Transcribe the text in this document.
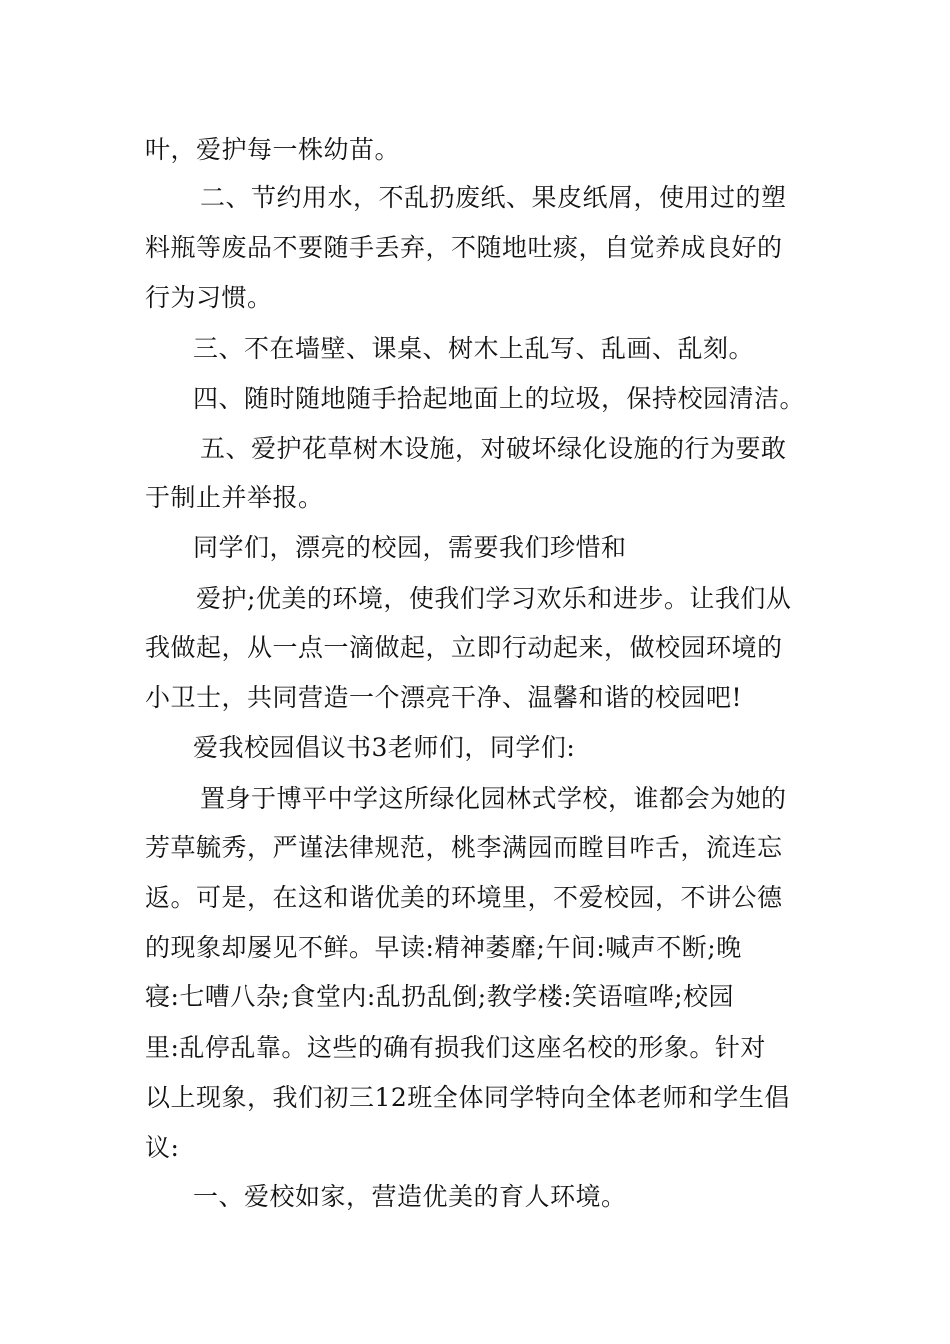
叶，爱护每一株幼苗。
二、节约用水，不乱扔废纸、果皮纸屑，使用过的塑
料瓶等废品不要随手丢弃，不随地吐痰，自觉养成良好的
行为习惯。
三、不在墙壁、课桌、树木上乱写、乱画、乱刻。
四、随时随地随手拾起地面上的垃圾，保持校园清洁。
五、爱护花草树木设施，对破坏绿化设施的行为要敢
于制止并举报。
同学们，漂亮的校园，需要我们珍惜和
爱护;优美的环境，使我们学习欢乐和进步。让我们从
我做起，从一点一滴做起，立即行动起来，做校园环境的
小卫士，共同营造一个漂亮干净、温馨和谐的校园吧!
爱我校园倡议书3老师们，同学们:
置身于博平中学这所绿化园林式学校，谁都会为她的
芳草毓秀，严谨法律规范，桃李满园而瞠目咋舌，流连忘
返。可是，在这和谐优美的环境里，不爱校园，不讲公德
的现象却屡见不鲜。早读:精神萎靡;午间:喊声不断;晚
寝:七嘈八杂;食堂内:乱扔乱倒;教学楼:笑语喧哗;校园
里:乱停乱靠。这些的确有损我们这座名校的形象。针对
以上现象，我们初三12班全体同学特向全体老师和学生倡
议:
一、爱校如家，营造优美的育人环境。
